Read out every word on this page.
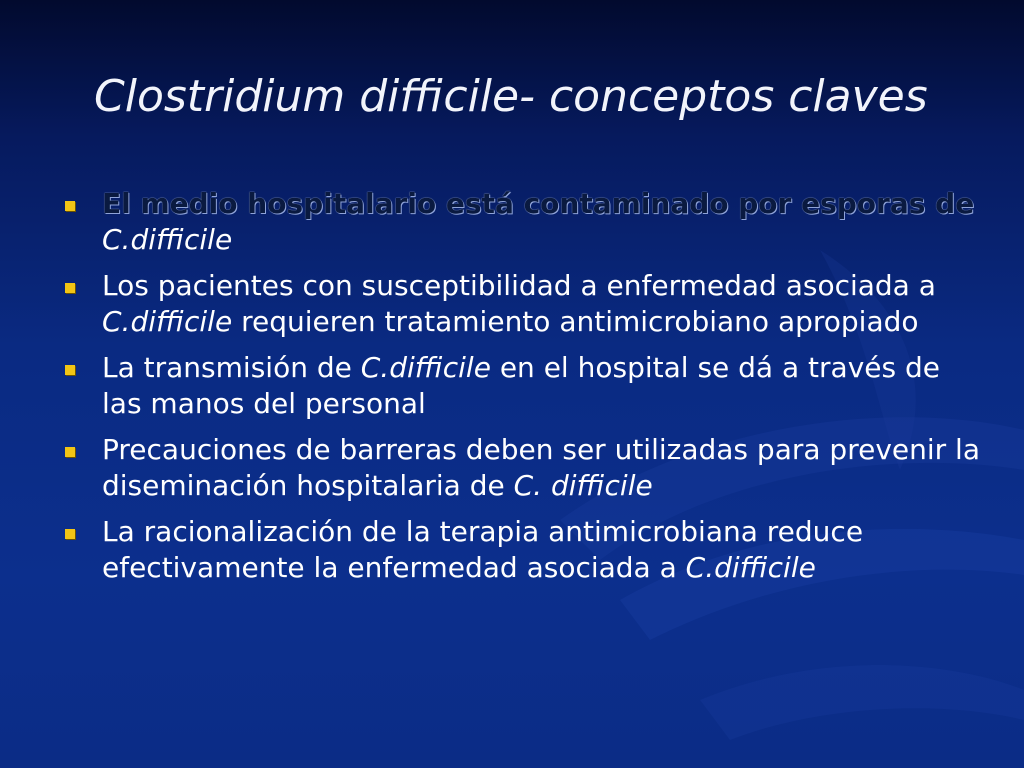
Clostridium difficile- conceptos claves
El medio hospitalario está contaminado por esporas de C.difficile
Los pacientes con susceptibilidad a enfermedad asociada a C.difficile requieren tratamiento antimicrobiano apropiado
La transmisión de C.difficile en el hospital se dá a través de las manos del personal
Precauciones de barreras deben ser utilizadas para prevenir la diseminación hospitalaria de C. difficile
La racionalización de la terapia antimicrobiana reduce efectivamente la enfermedad asociada a C.difficile
